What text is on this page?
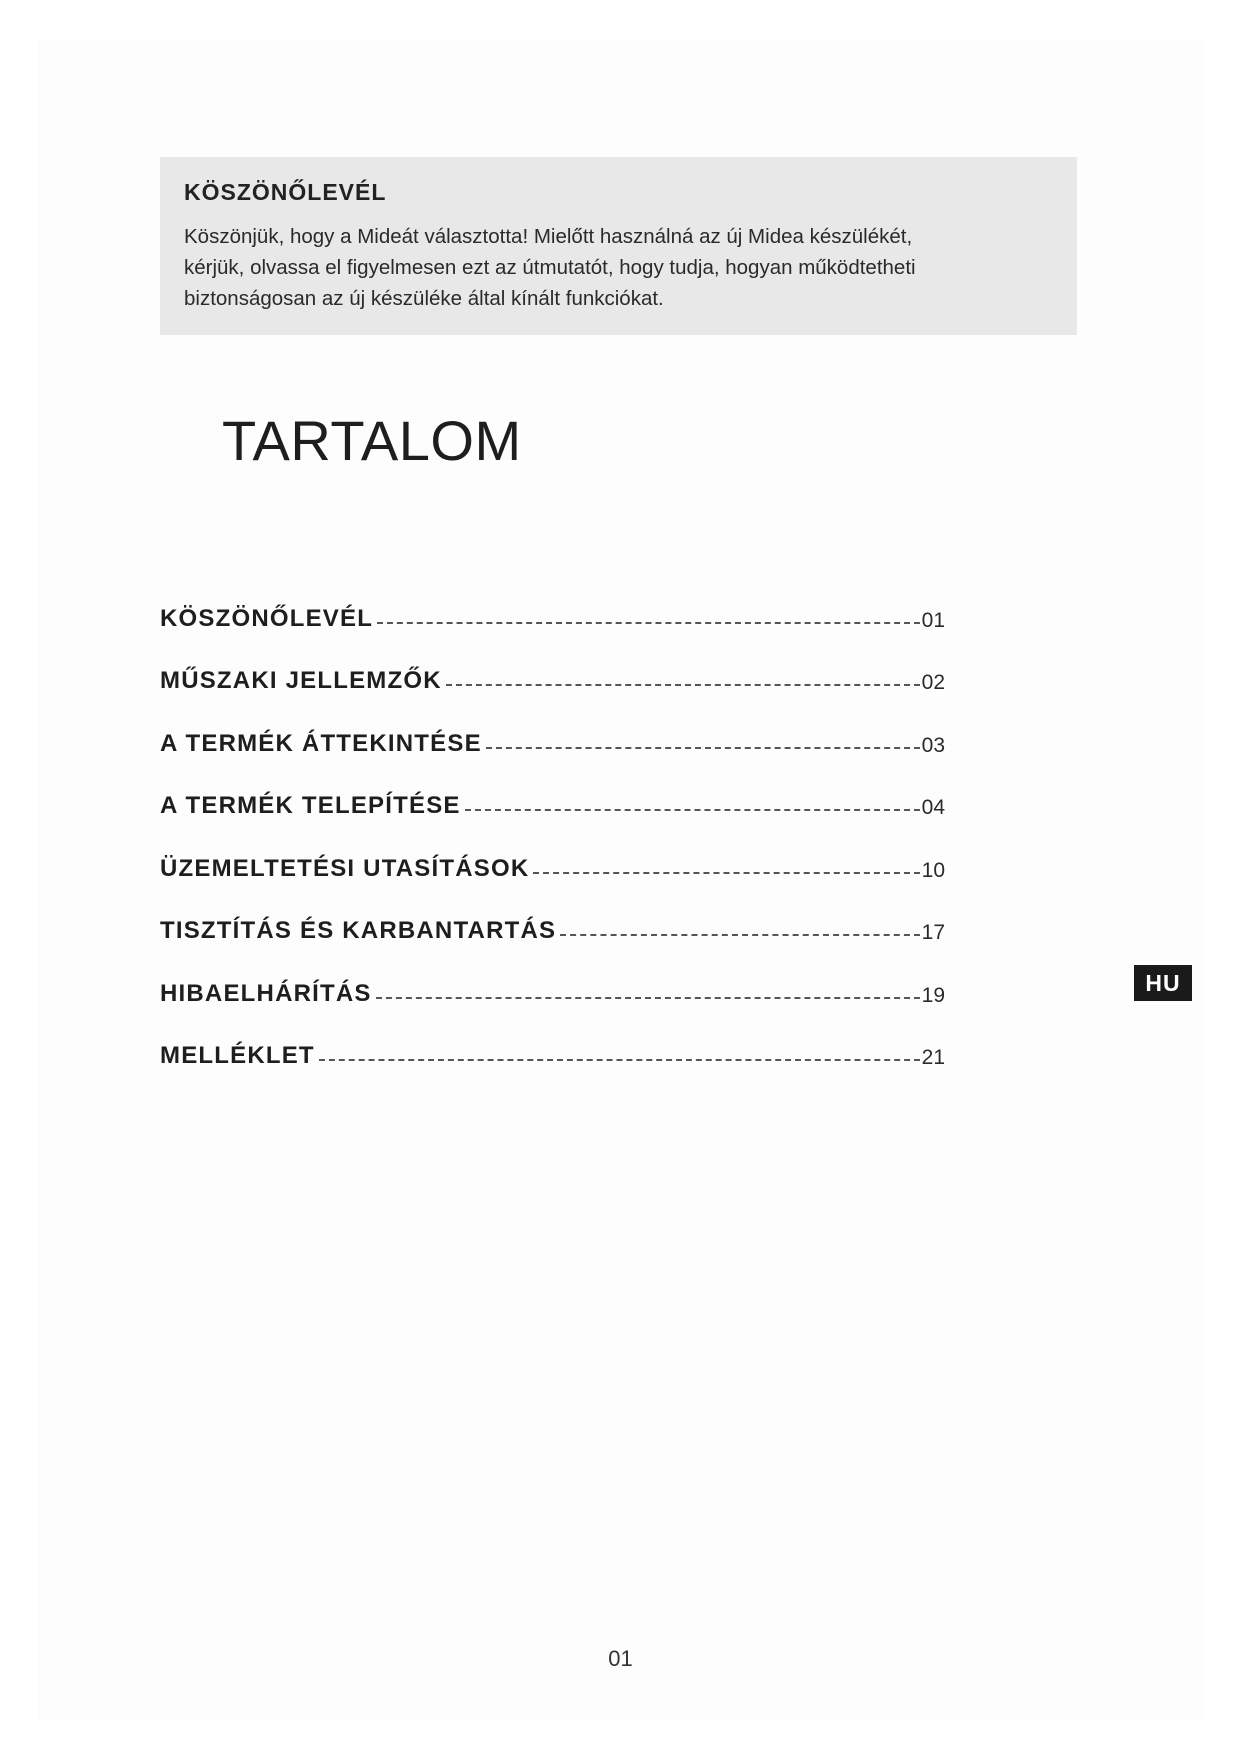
KÖSZÖNŐLEVÉL

Köszönjük, hogy a Mideát választotta! Mielőtt használná az új Midea készülékét,
kérjük, olvassa el figyelmesen ezt az útmutatót, hogy tudja, hogyan működtetheti
biztonságosan az új készüléke által kínált funkciókat.

TARTALOM
KÖSZÖNŐLEVÉL	01
MŰSZAKI JELLEMZŐK	02
A TERMÉK ÁTTEKINTÉSE	03
A TERMÉK TELEPÍTÉSE	04
ÜZEMELTETÉSI UTASÍTÁSOK	10
TISZTÍTÁS ÉS KARBANTARTÁS	17
HIBAELHÁRÍTÁS	19
MELLÉKLET	21
HU
01
